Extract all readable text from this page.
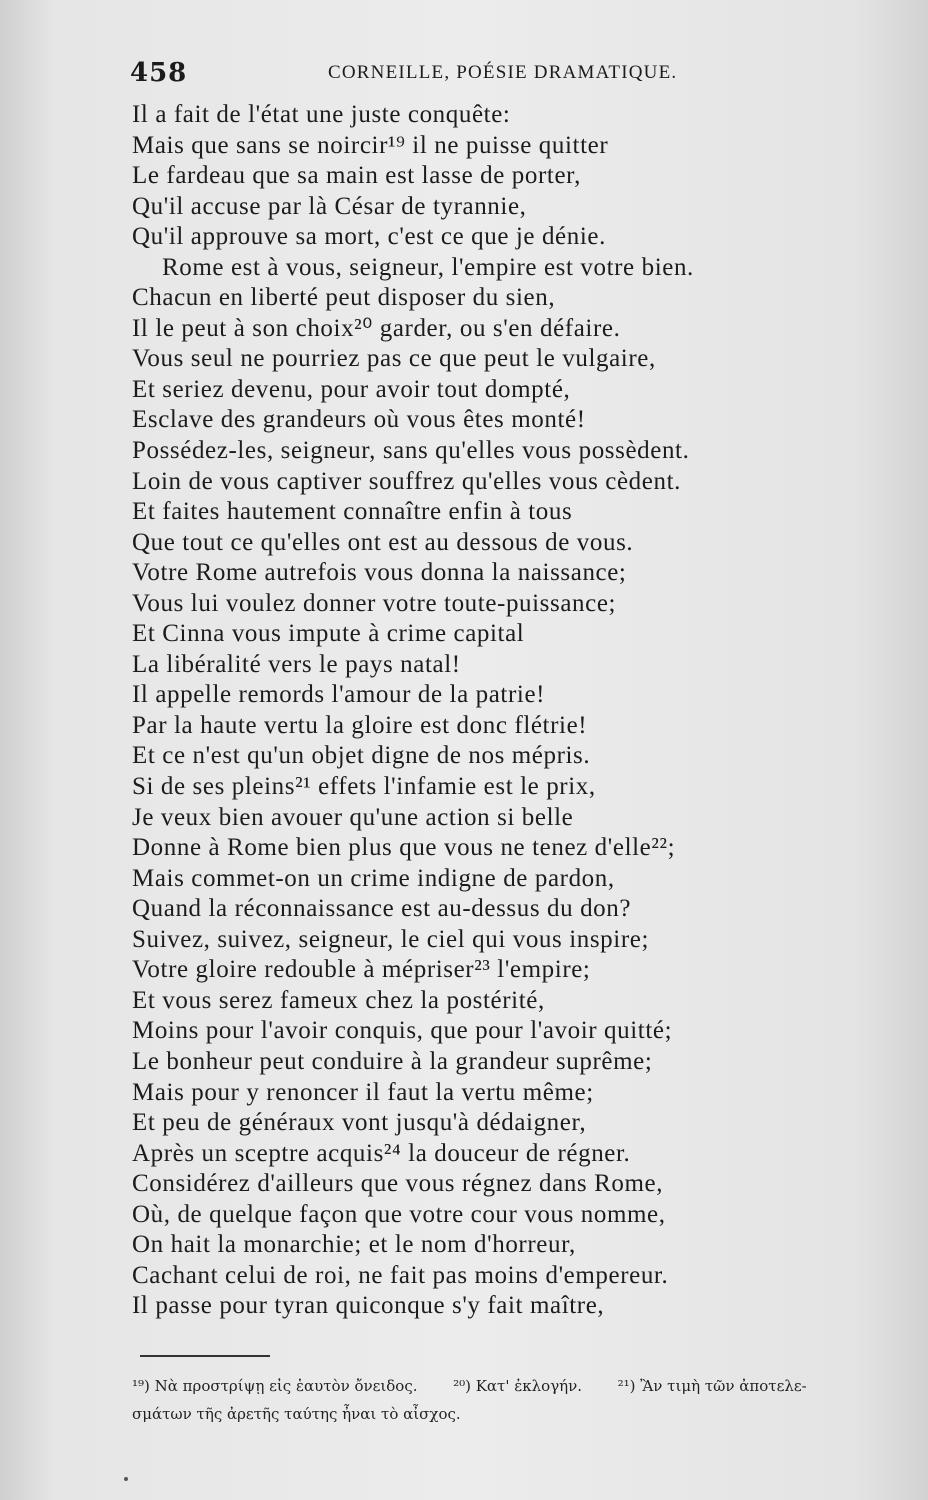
458	CORNEILLE, POÉSIE DRAMATIQUE.
Il a fait de l'état une juste conquête:
Mais que sans se noircir¹⁹ il ne puisse quitter
Le fardeau que sa main est lasse de porter,
Qu'il accuse par là César de tyrannie,
Qu'il approuve sa mort, c'est ce que je dénie.
Rome est à vous, seigneur, l'empire est votre bien.
Chacun en liberté peut disposer du sien,
Il le peut à son choix²⁰ garder, ou s'en défaire.
Vous seul ne pourriez pas ce que peut le vulgaire,
Et seriez devenu, pour avoir tout dompté,
Esclave des grandeurs où vous êtes monté!
Possédez-les, seigneur, sans qu'elles vous possèdent.
Loin de vous captiver souffrez qu'elles vous cèdent.
Et faites hautement connaître enfin à tous
Que tout ce qu'elles ont est au dessous de vous.
Votre Rome autrefois vous donna la naissance;
Vous lui voulez donner votre toute-puissance;
Et Cinna vous impute à crime capital
La libéralité vers le pays natal!
Il appelle remords l'amour de la patrie!
Par la haute vertu la gloire est donc flétrie!
Et ce n'est qu'un objet digne de nos mépris.
Si de ses pleins²¹ effets l'infamie est le prix,
Je veux bien avouer qu'une action si belle
Donne à Rome bien plus que vous ne tenez d'elle²²;
Mais commet-on un crime indigne de pardon,
Quand la réconnaissance est au-dessus du don?
Suivez, suivez, seigneur, le ciel qui vous inspire;
Votre gloire redouble à mépriser²³ l'empire;
Et vous serez fameux chez la postérité,
Moins pour l'avoir conquis, que pour l'avoir quitté;
Le bonheur peut conduire à la grandeur suprême;
Mais pour y renoncer il faut la vertu même;
Et peu de généraux vont jusqu'à dédaigner,
Après un sceptre acquis²⁴ la douceur de régner.
Considérez d'ailleurs que vous régnez dans Rome,
Où, de quelque façon que votre cour vous nomme,
On hait la monarchie; et le nom d'horreur,
Cachant celui de roi, ne fait pas moins d'empereur.
Il passe pour tyran quiconque s'y fait maître,
¹⁹) Νὰ προστρίψῃ εἰς ἑαυτὸν ὄνειδος. ²⁰) Κατ' ἐκλογήν. ²¹) Ἂν τιμὴ τῶν ἀποτελε-
σμάτων τῆς ἀρετῆς ταύτης ἦναι τὸ αἶσχος.
